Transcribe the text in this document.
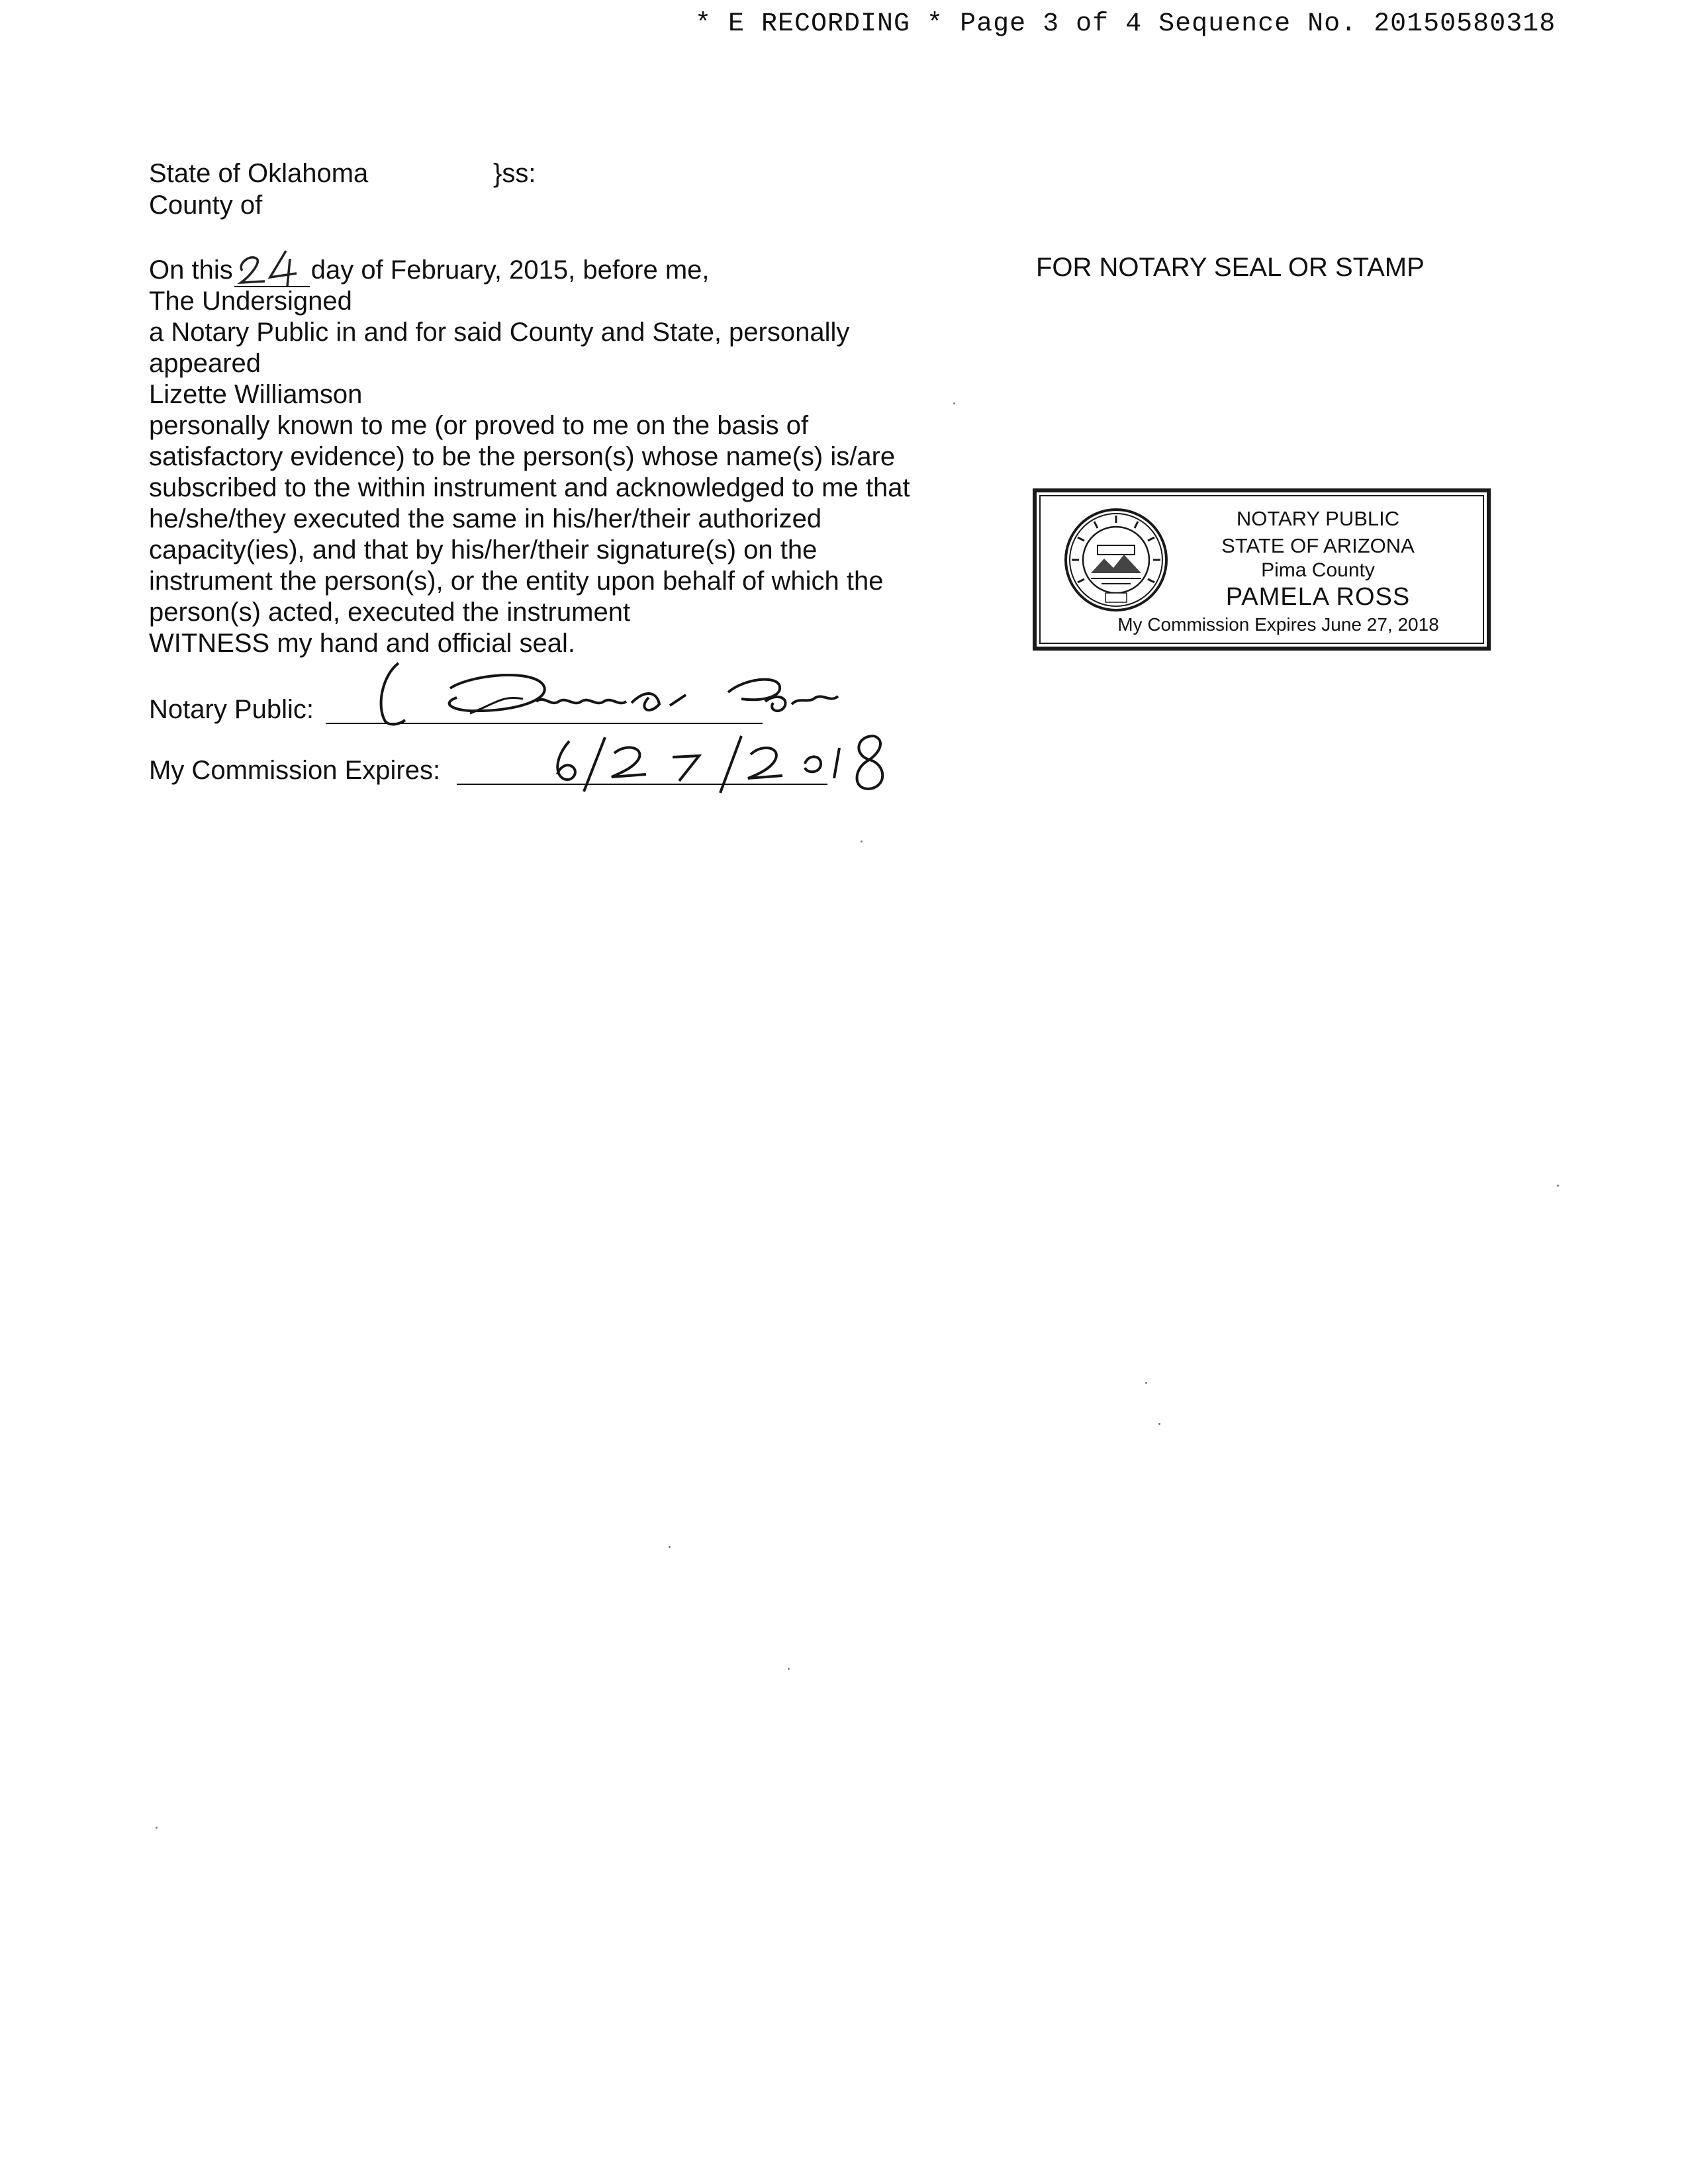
* E RECORDING * Page 3 of 4 Sequence No. 20150580318
State of Oklahoma	}ss:
County of
On this	day of February, 2015, before me,
The Undersigned
a Notary Public in and for said County and State, personally
appeared
Lizette Williamson
personally known to me (or proved to me on the basis of
satisfactory evidence) to be the person(s) whose name(s) is/are
subscribed to the within instrument and acknowledged to me that
he/she/they executed the same in his/her/their authorized
capacity(ies), and that by his/her/their signature(s) on the
instrument the person(s), or the entity upon behalf of which the
person(s) acted, executed the instrument
WITNESS my hand and official seal.
FOR NOTARY SEAL OR STAMP
Notary Public:
My Commission Expires:
NOTARY PUBLIC
STATE OF ARIZONA
Pima County
PAMELA ROSS
My Commission Expires June 27, 2018
